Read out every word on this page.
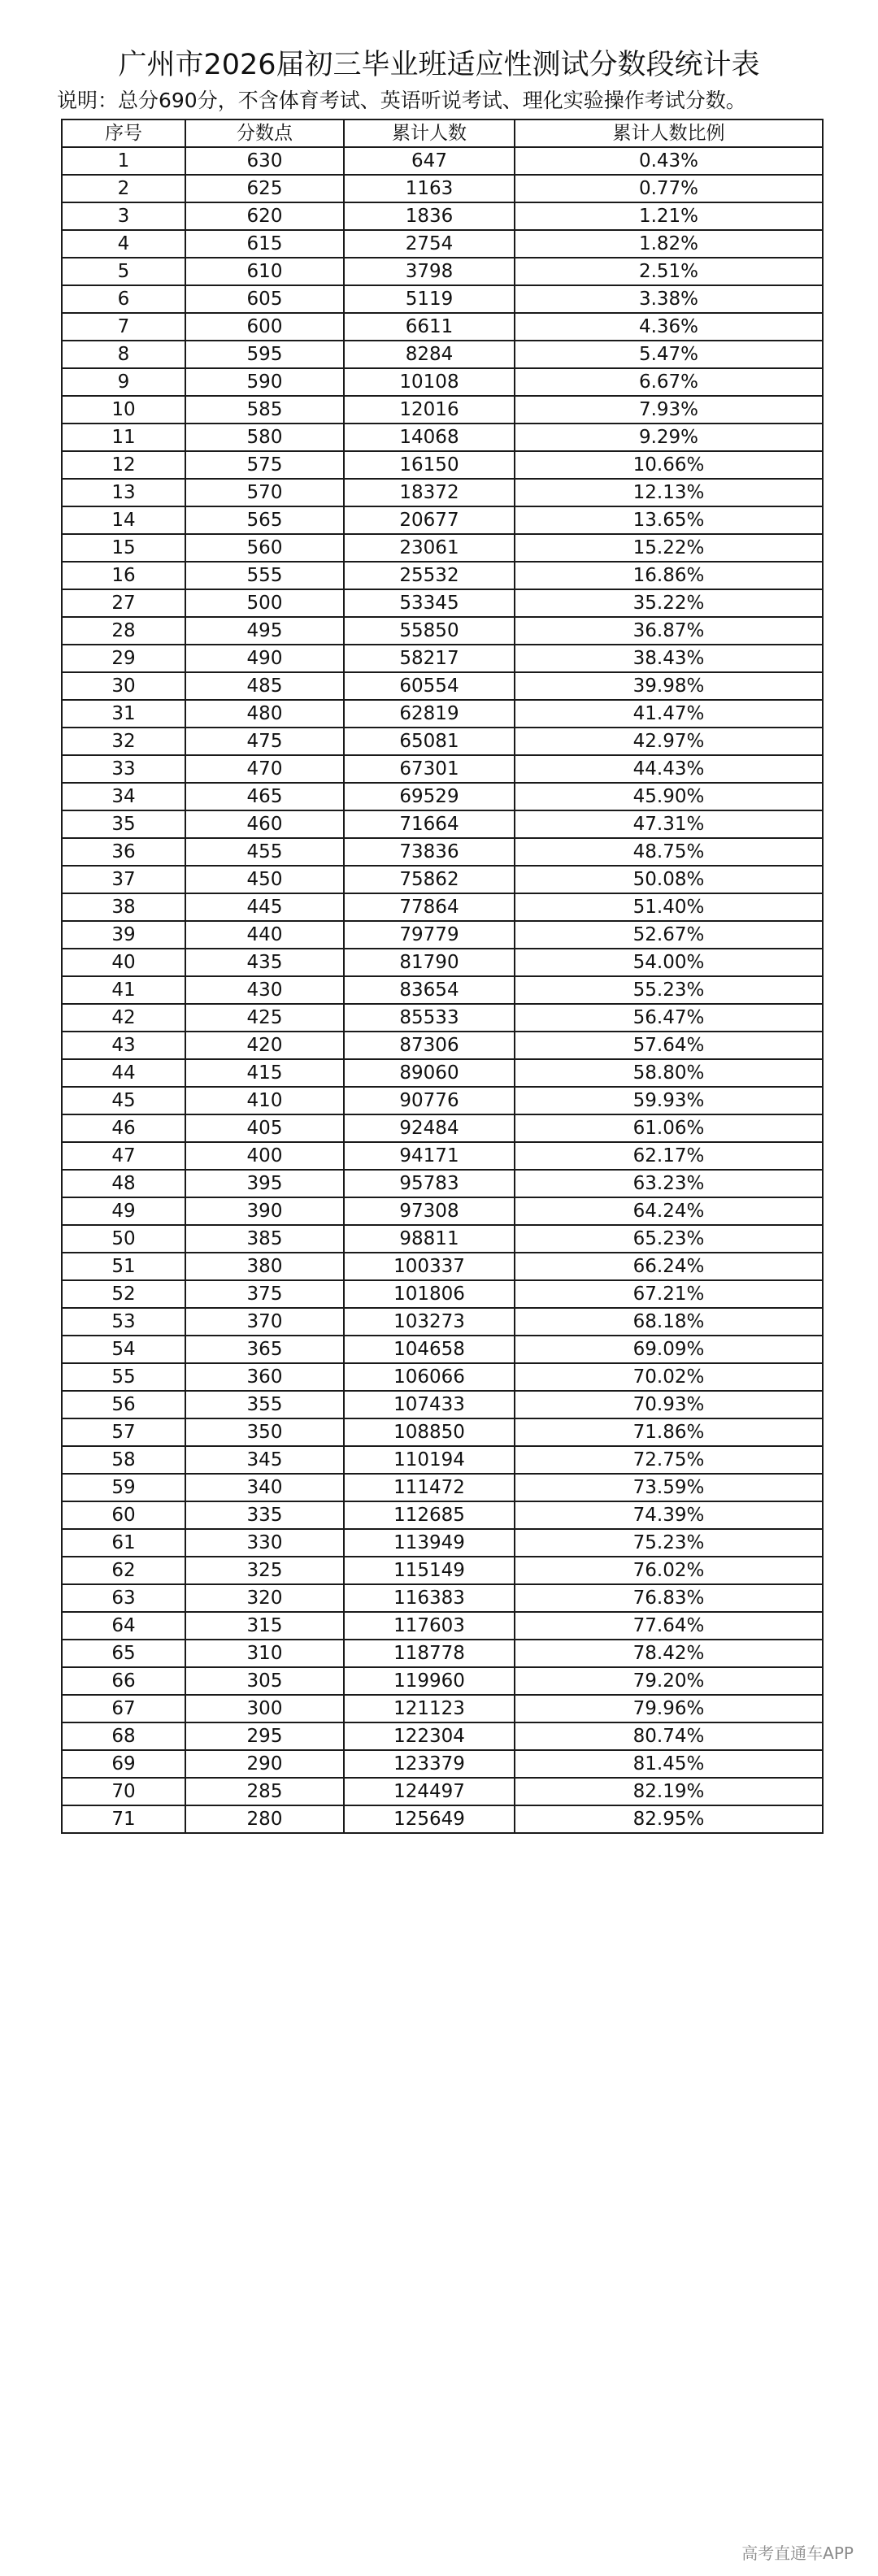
广州市2026届初三毕业班适应性测试分数段统计表
说明：总分690分，不含体育考试、英语听说考试、理化实验操作考试分数。
序号	分数点	累计人数	累计人数比例
1	630	647	0.43%
2	625	1163	0.77%
3	620	1836	1.21%
4	615	2754	1.82%
5	610	3798	2.51%
6	605	5119	3.38%
7	600	6611	4.36%
8	595	8284	5.47%
9	590	10108	6.67%
10	585	12016	7.93%
11	580	14068	9.29%
12	575	16150	10.66%
13	570	18372	12.13%
14	565	20677	13.65%
15	560	23061	15.22%
16	555	25532	16.86%
27	500	53345	35.22%
28	495	55850	36.87%
29	490	58217	38.43%
30	485	60554	39.98%
31	480	62819	41.47%
32	475	65081	42.97%
33	470	67301	44.43%
34	465	69529	45.90%
35	460	71664	47.31%
36	455	73836	48.75%
37	450	75862	50.08%
38	445	77864	51.40%
39	440	79779	52.67%
40	435	81790	54.00%
41	430	83654	55.23%
42	425	85533	56.47%
43	420	87306	57.64%
44	415	89060	58.80%
45	410	90776	59.93%
46	405	92484	61.06%
47	400	94171	62.17%
48	395	95783	63.23%
49	390	97308	64.24%
50	385	98811	65.23%
51	380	100337	66.24%
52	375	101806	67.21%
53	370	103273	68.18%
54	365	104658	69.09%
55	360	106066	70.02%
56	355	107433	70.93%
57	350	108850	71.86%
58	345	110194	72.75%
59	340	111472	73.59%
60	335	112685	74.39%
61	330	113949	75.23%
62	325	115149	76.02%
63	320	116383	76.83%
64	315	117603	77.64%
65	310	118778	78.42%
66	305	119960	79.20%
67	300	121123	79.96%
68	295	122304	80.74%
69	290	123379	81.45%
70	285	124497	82.19%
71	280	125649	82.95%
高考直通车APP
